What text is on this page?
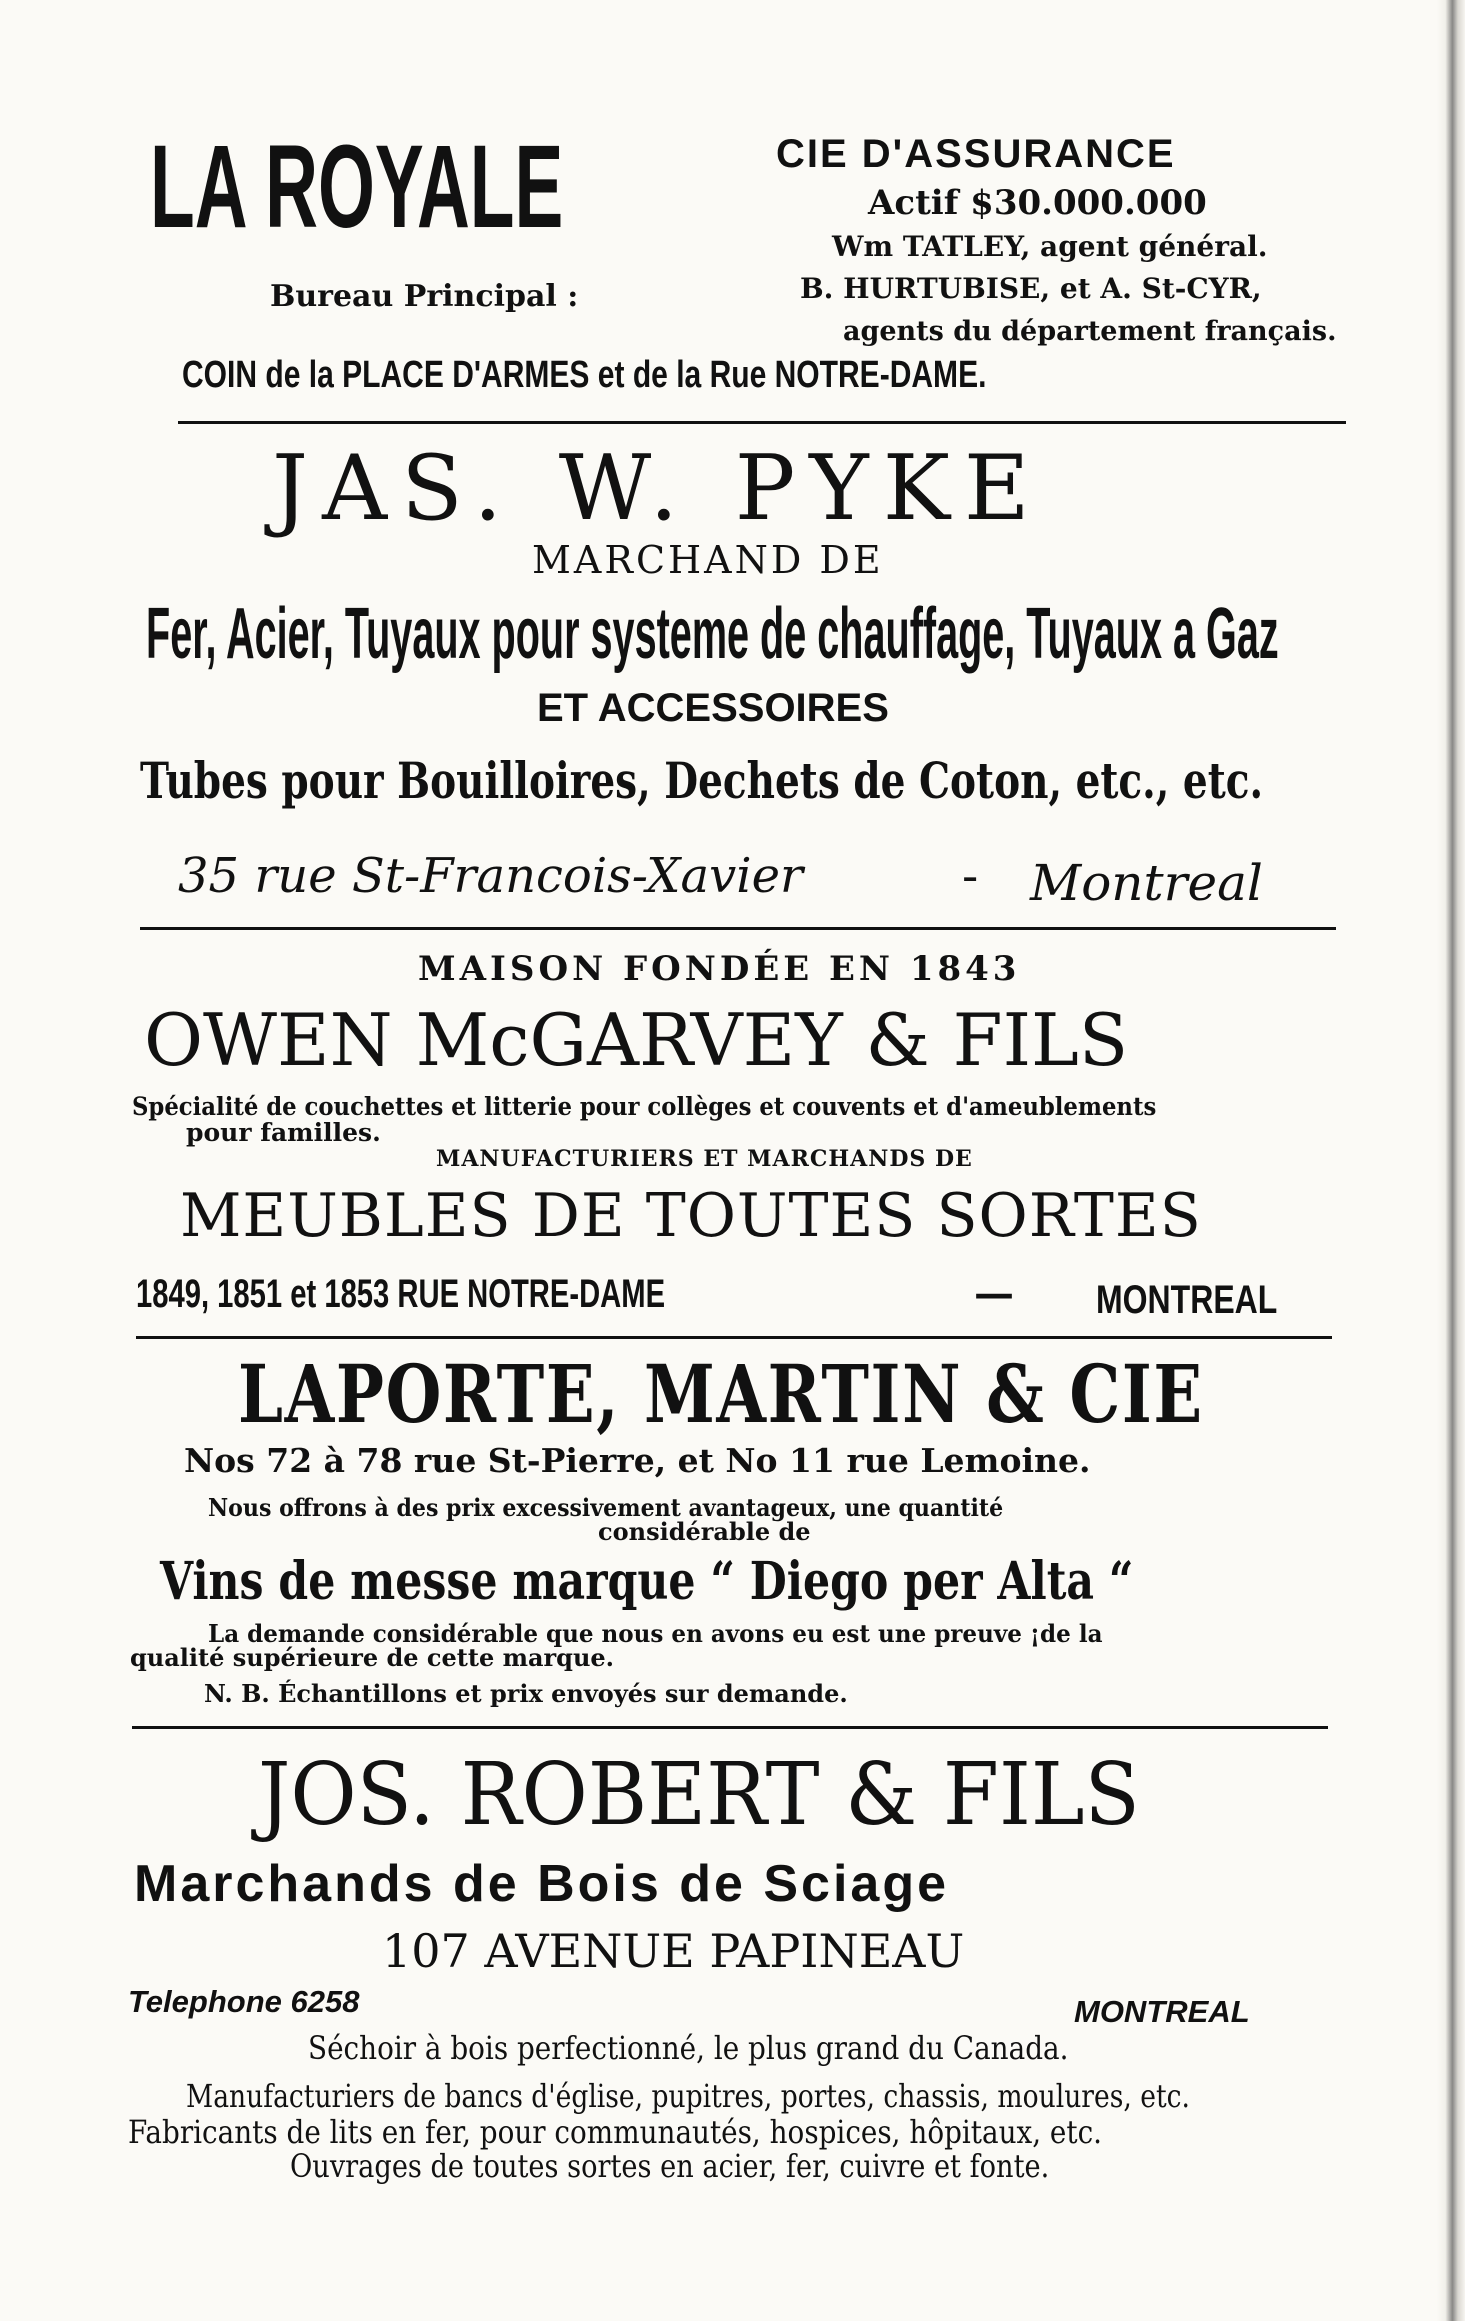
LA ROYALE
Bureau Principal :
CIE D'ASSURANCE
Actif $30.000.000
Wm TATLEY, agent général.
B. HURTUBISE, et A. St-CYR,
agents du département français.
COIN de la PLACE D'ARMES et de la Rue NOTRE-DAME.
JAS. W. PYKE
MARCHAND DE
Fer, Acier, Tuyaux pour systeme de chauffage, Tuyaux a Gaz
ET ACCESSOIRES
Tubes pour Bouilloires, Dechets de Coton, etc., etc.
35 rue St-Francois-Xavier	- Montreal
MAISON FONDÉE EN 1843
OWEN McGARVEY & FILS
Spécialité de couchettes et litterie pour collèges et couvents et d'ameublements
pour familles.
MANUFACTURIERS ET MARCHANDS DE
MEUBLES DE TOUTES SORTES
1849, 1851 et 1853 RUE NOTRE-DAME	— MONTREAL
LAPORTE, MARTIN & CIE
Nos 72 à 78 rue St-Pierre, et No 11 rue Lemoine.
Nous offrons à des prix excessivement avantageux, une quantité
considérable de
Vins de messe marque “ Diego per Alta “
La demande considérable que nous en avons eu est une preuve ¡de la
qualité supérieure de cette marque.
N. B. Échantillons et prix envoyés sur demande.
JOS. ROBERT & FILS
Marchands de Bois de Sciage
107 AVENUE PAPINEAU
Telephone 6258	MONTREAL
Séchoir à bois perfectionné, le plus grand du Canada.
Manufacturiers de bancs d'église, pupitres, portes, chassis, moulures, etc.
Fabricants de lits en fer, pour communautés, hospices, hôpitaux, etc.
Ouvrages de toutes sortes en acier, fer, cuivre et fonte.
